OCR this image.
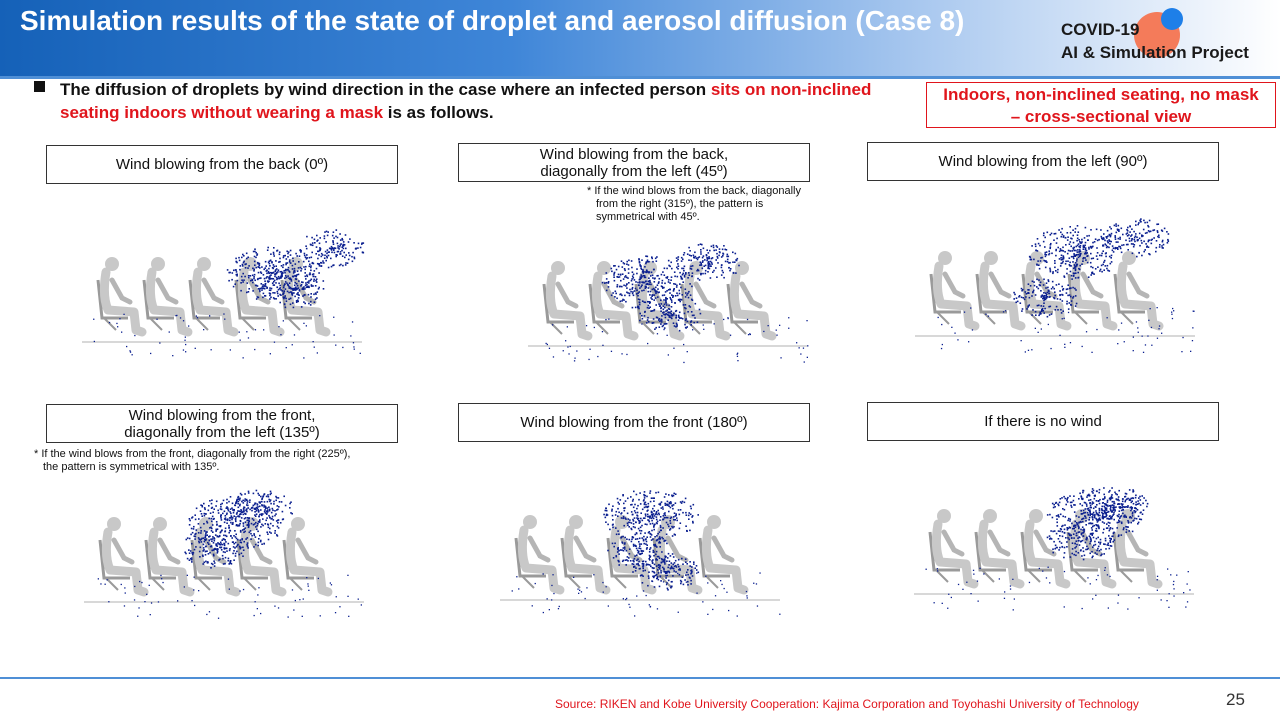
Simulation results of the state of droplet and aerosol diffusion (Case 8)	COVID-19
AI & Simulation Project
The diffusion of droplets by wind direction in the case where an infected person sits on non-inclined seating indoors without wearing a mask is as follows.
Indoors, non-inclined seating, no mask
– cross-sectional view
Wind blowing from the back (0º)
Wind blowing from the back,
diagonally from the left (45º)
Wind blowing from the left (90º)
Wind blowing from the front,
diagonally from the left (135º)
Wind blowing from the front (180º)	If there is no wind
* If the wind blows from the back, diagonally
from the right (315º), the pattern is
symmetrical with 45º.
* If the wind blows from the front, diagonally from the right (225º),
the pattern is symmetrical with 135º.
Source: RIKEN and Kobe University Cooperation: Kajima Corporation and Toyohashi University of Technology	25
